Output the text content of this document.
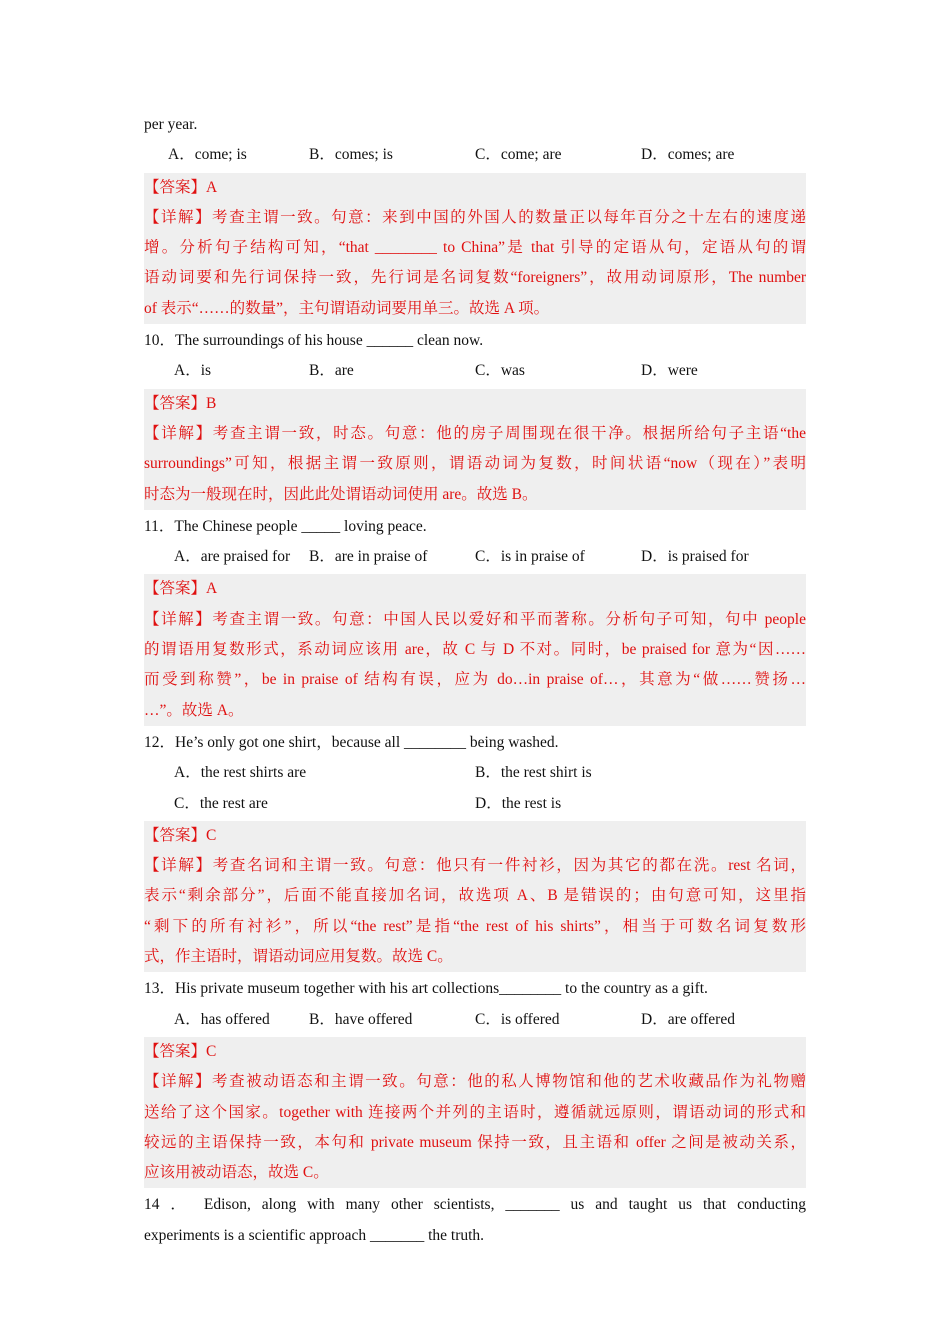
per year.
A．come; is	B．comes; is	C．come; are	D．comes; are
【答案】A
【详解】考查主谓一致。句意：来到中国的外国人的数量正以每年百分之十左右的速度递
增。分析句子结构可知，“that ________ to China”是 that 引导的定语从句，定语从句的谓
语动词要和先行词保持一致，先行词是名词复数“foreigners”，故用动词原形，The number
of 表示“……的数量”，主句谓语动词要用单三。故选 A 项。
10．The surroundings of his house ______ clean now.
A．is	B．are	C．was	D．were
【答案】B
【详解】考查主谓一致，时态。句意：他的房子周围现在很干净。根据所给句子主语“the
surroundings”可知，根据主谓一致原则，谓语动词为复数，时间状语“now（现在）”表明
时态为一般现在时，因此此处谓语动词使用 are。故选 B。
11．The Chinese people _____ loving peace.
A．are praised for B．are in praise of	C．is in praise of	D．is praised for
【答案】A
【详解】考查主谓一致。句意：中国人民以爱好和平而著称。分析句子可知，句中 people
的谓语用复数形式，系动词应该用 are，故 C 与 D 不对。同时，be praised for 意为“因……
而受到称赞”，be in praise of 结构有误，应为 do…in praise of…，其意为“做……赞扬…
…”。故选 A。
12．He’s only got one shirt，because all ________ being washed.
A．the rest shirts are	B．the rest shirt is
C．the rest are	D．the rest is
【答案】C
【详解】考查名词和主谓一致。句意：他只有一件衬衫，因为其它的都在洗。rest 名词，
表示“剩余部分”，后面不能直接加名词，故选项 A、B 是错误的；由句意可知，这里指
“剩下的所有衬衫”，所以“the rest”是指“the rest of his shirts”，相当于可数名词复数形
式，作主语时，谓语动词应用复数。故选 C。
13．His private museum together with his art collections________ to the country as a gift.
A．has offered	B．have offered	C．is offered	D．are offered
【答案】C
【详解】考查被动语态和主谓一致。句意：他的私人博物馆和他的艺术收藏品作为礼物赠
送给了这个国家。together with 连接两个并列的主语时，遵循就远原则，谓语动词的形式和
较远的主语保持一致，本句和 private museum 保持一致，且主语和 offer 之间是被动关系，
应该用被动语态，故选 C。
14 ． Edison, along with many other scientists, _______ us and taught us that conducting
experiments is a scientific approach _______ the truth.
